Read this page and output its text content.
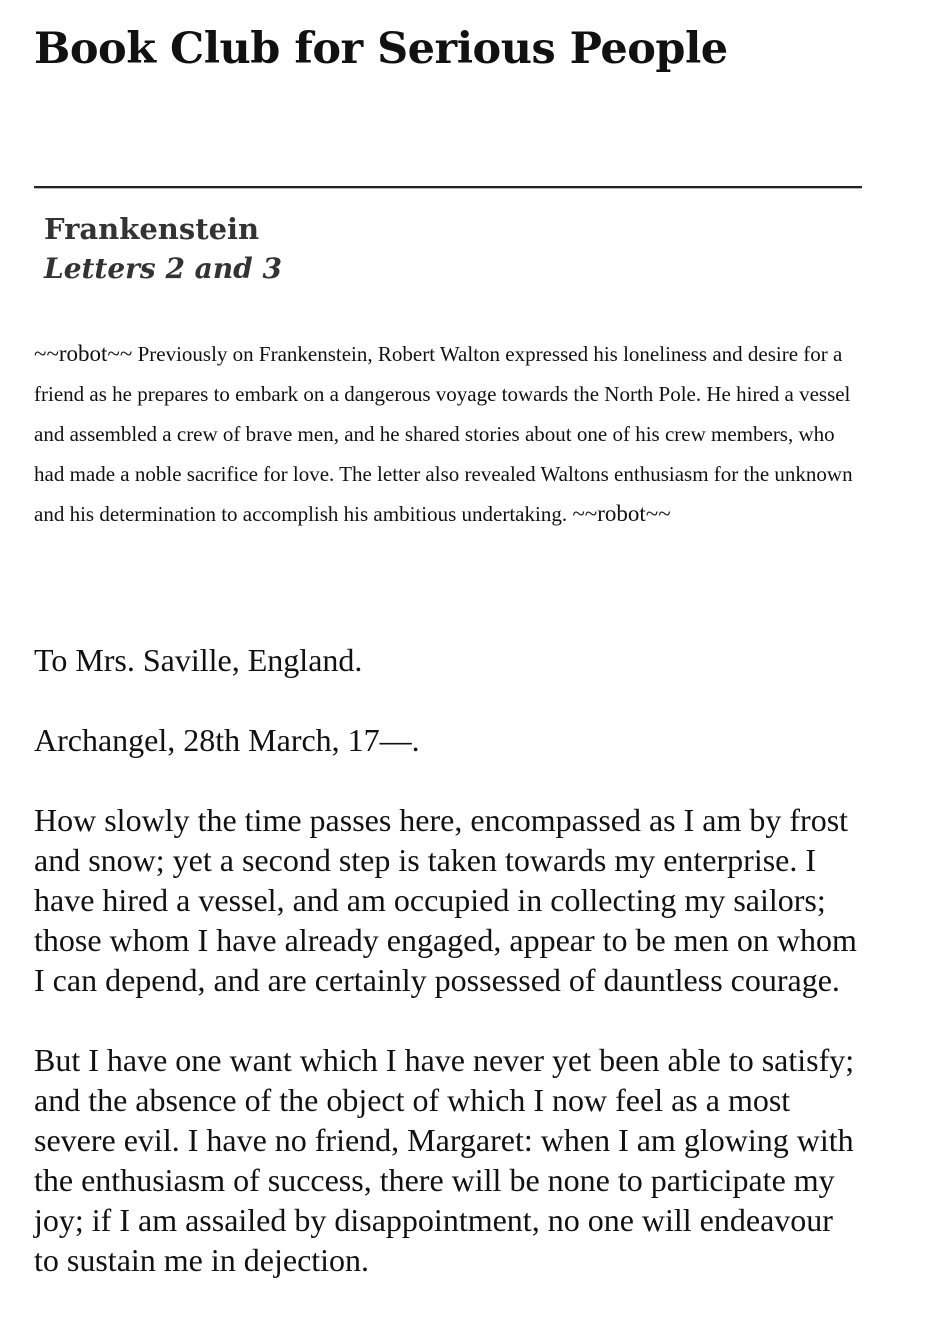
Book Club for Serious People
Frankenstein
Letters 2 and 3

~~robot~~ Previously on Frankenstein, Robert Walton expressed his loneliness and desire for a friend as he prepares to embark on a dangerous voyage towards the North Pole. He hired a vessel and assembled a crew of brave men, and he shared stories about one of his crew members, who had made a noble sacrifice for love. The letter also revealed Waltons enthusiasm for the unknown and his determination to accomplish his ambitious undertaking. ~~robot~~

To Mrs. Saville, England.

Archangel, 28th March, 17—.

How slowly the time passes here, encompassed as I am by frost and snow; yet a second step is taken towards my enterprise. I have hired a vessel, and am occupied in collecting my sailors; those whom I have already engaged, appear to be men on whom I can depend, and are certainly possessed of dauntless courage.

But I have one want which I have never yet been able to satisfy; and the absence of the object of which I now feel as a most severe evil. I have no friend, Margaret: when I am glowing with the enthusiasm of success, there will be none to participate my joy; if I am assailed by disappointment, no one will endeavour to sustain me in dejection.
